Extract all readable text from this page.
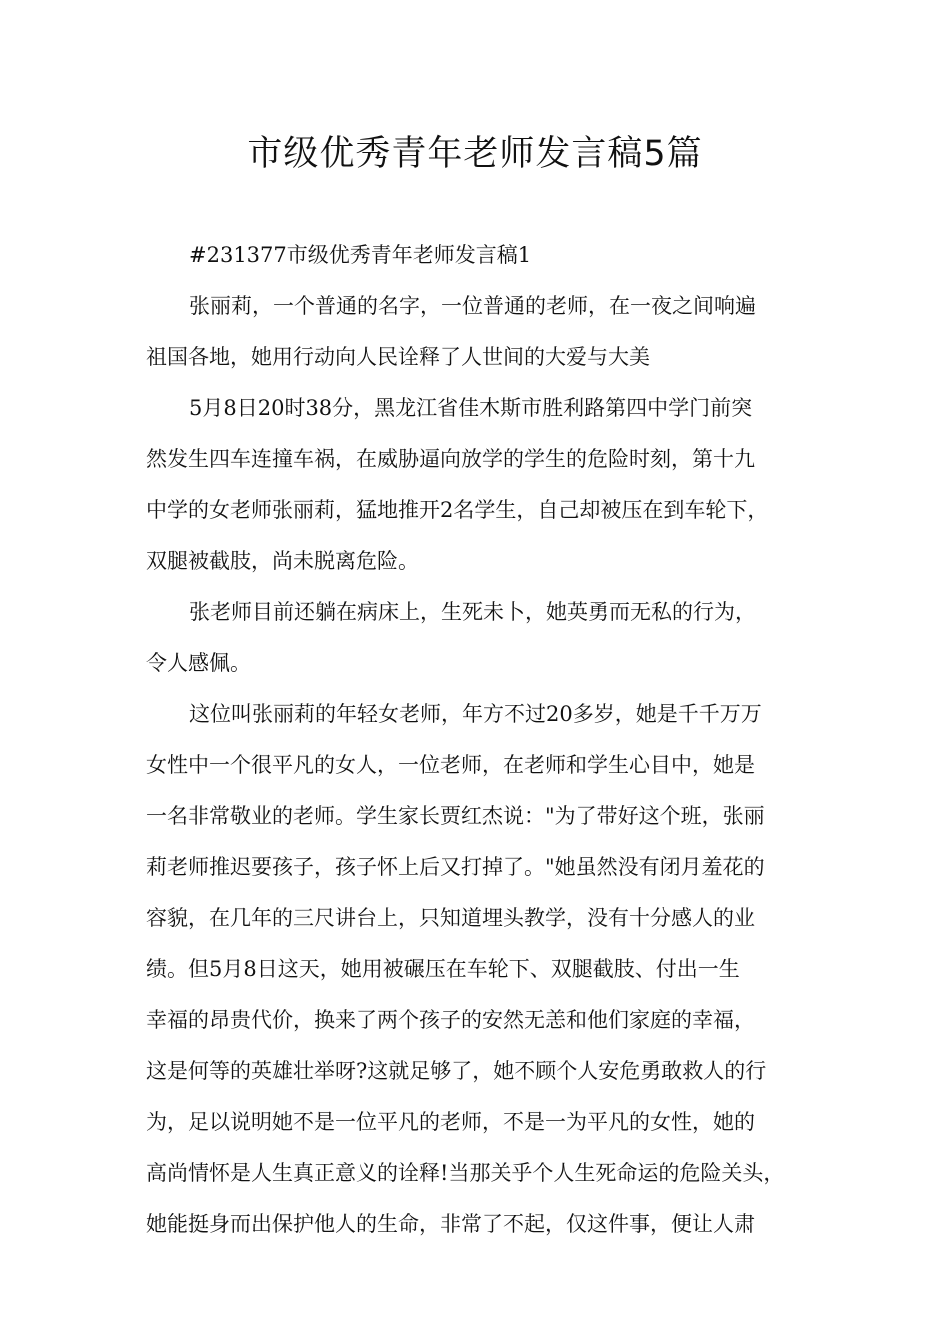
市级优秀青年老师发言稿5篇
#231377市级优秀青年老师发言稿1
张丽莉，一个普通的名字，一位普通的老师，在一夜之间响遍
祖国各地，她用行动向人民诠释了人世间的大爱与大美
5月8日20时38分，黑龙江省佳木斯市胜利路第四中学门前突
然发生四车连撞车祸，在威胁逼向放学的学生的危险时刻，第十九
中学的女老师张丽莉，猛地推开2名学生，自己却被压在到车轮下，
双腿被截肢，尚未脱离危险。
张老师目前还躺在病床上，生死未卜，她英勇而无私的行为，
令人感佩。
这位叫张丽莉的年轻女老师，年方不过20多岁，她是千千万万
女性中一个很平凡的女人，一位老师，在老师和学生心目中，她是
一名非常敬业的老师。学生家长贾红杰说："为了带好这个班，张丽
莉老师推迟要孩子，孩子怀上后又打掉了。"她虽然没有闭月羞花的
容貌，在几年的三尺讲台上，只知道埋头教学，没有十分感人的业
绩。但5月8日这天，她用被碾压在车轮下、双腿截肢、付出一生
幸福的昂贵代价，换来了两个孩子的安然无恙和他们家庭的幸福，
这是何等的英雄壮举呀?这就足够了，她不顾个人安危勇敢救人的行
为，足以说明她不是一位平凡的老师，不是一为平凡的女性，她的
高尚情怀是人生真正意义的诠释!当那关乎个人生死命运的危险关头，
她能挺身而出保护他人的生命，非常了不起，仅这件事，便让人肃
